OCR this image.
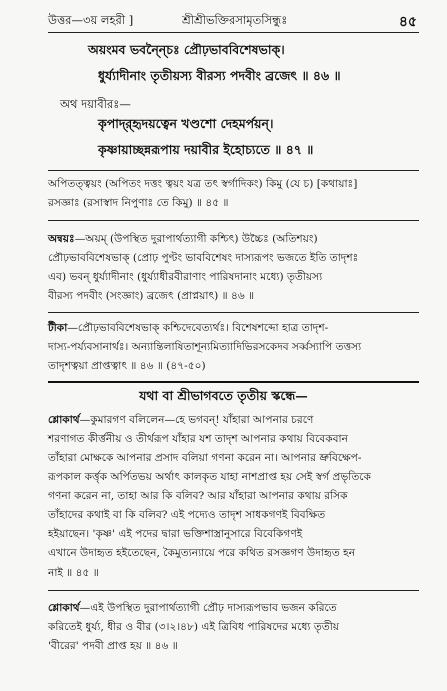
উত্তর—৩য় লহরী ]	শ্রীশ্রীভক্তিরসামৃতসিন্ধুঃ	৪৫
অয়ংমব ভবন্ন্চৈঃ প্রৌঢ়ভাববিশেষভাক্‌।
ধুর্য্যাদীনাং তৃতীয়স্য বীরস্য পদবীং ব্রজেৎ ॥ ৪৬ ॥
অথ দয়াবীরঃ—
কৃপাদ্র্হৃদয়ত্বেন খণ্ডশো দেহমর্পয়ন্‌।
কৃষ্ণায়াচ্ছন্নরূপায় দয়াবীর ইহোচ্যতে ॥ ৪৭ ॥
অপিতত্ত্বয়ং (অপিতং দত্তং ত্বয়ং যত্র তৎ স্বর্গাদিকং) কিমু (যে চ) [কথায়াঃ]
রসজ্ঞাঃ (রসাস্বাদ নিপুণাঃ তে কিমু) ॥ ৪৫ ॥
অন্বয়ঃ—অয়ম্‌ (উপস্থিত দুরাপার্থত্যাগী কশ্চিৎ) উচ্চৈঃ (অতিশয়ং)
প্রৌঢ়ভাববিশেষভাক্‌ (প্রোঢ় পুণ্টং ভাববিশেষং দাস্যরূপং ভজতে ইতি তাদৃশঃ
এব) ভবন্‌ ধুর্য্যাদীনাং (ধুর্য্যাধীরবীরাণাং পারিষদানাং মধ্যে) তৃতীয়স্য
বীরস্য পদবীং (সংজ্ঞাং) ব্রজেৎ (প্রাপ্নয়াৎ) ॥ ৪৬ ॥
টীকা—প্রৌঢ়ভাববিশেষভাক্‌ কশ্চিদেবেত্যর্থঃ। বিশেষশব্দো হাত্র তাদৃশ-
দাস্য-পর্য্যবসানার্থঃ। অন্যান্তিলাষিতাশূন্যমিত্যাদিভিরসকেদব সর্ব্বস্যাপি তত্তস্য
তাদৃশত্বয়া প্রাপ্তত্বাৎ ॥ ৪৬ ॥ (৪৭-৫০)
যথা বা শ্রীভাগবতে তৃতীয় স্কন্ধে—
শ্লোকার্থ—কুমারগণ বলিলেন—হে ভগবন্‌! যাঁহারা আপনার চরণে
শরণাগত কীর্ত্তনীয় ও তীর্থরূপ যাঁহার যশ তাদৃশ আপনার কথায় বিবেকবান
তাঁহারা মোক্ষকে আপনার প্রসাদ বলিয়া গণনা করেন না। আপনার ভ্রুবিক্ষেপ-
রূপকাল কর্ত্তৃক অর্পিতভয় অর্থাৎ কালকৃত যাহা নাশপ্রাপ্ত হয় সেই স্বর্গ প্রভৃতিকে
গণনা করেন না, তাহা আর কি বলিব? আর যাঁহারা আপনার কথায় রসিক
তাঁহাদের কথাই বা কি বলিব? এই পদ্যেও তাদৃশ সাধকগণই বিবক্ষিত
হইয়াছেন। 'কৃষ্ণ' এই পদের দ্বারা ভক্তিশাস্ত্রানুসারে বিবেকিগণই
এখানে উদাহৃত হইতেছেন, কৈমুত্যন্যায়ে পরে কথিত রসজ্ঞগণ উদাহৃত হন
নাই ॥ ৪৫ ॥
শ্লোকার্থ—এই উপস্থিত দুরাপার্থত্যাগী প্রৌঢ় দাস্যরূপভাব ভজন করিতে
করিতেই ধুর্য্য, ধীর ও বীর (৩।২।৪৮) এই ত্রিবিধ পারিষদের মধ্যে তৃতীয়
'বীরের' পদবী প্রাপ্ত হয় ॥ ৪৬ ॥
